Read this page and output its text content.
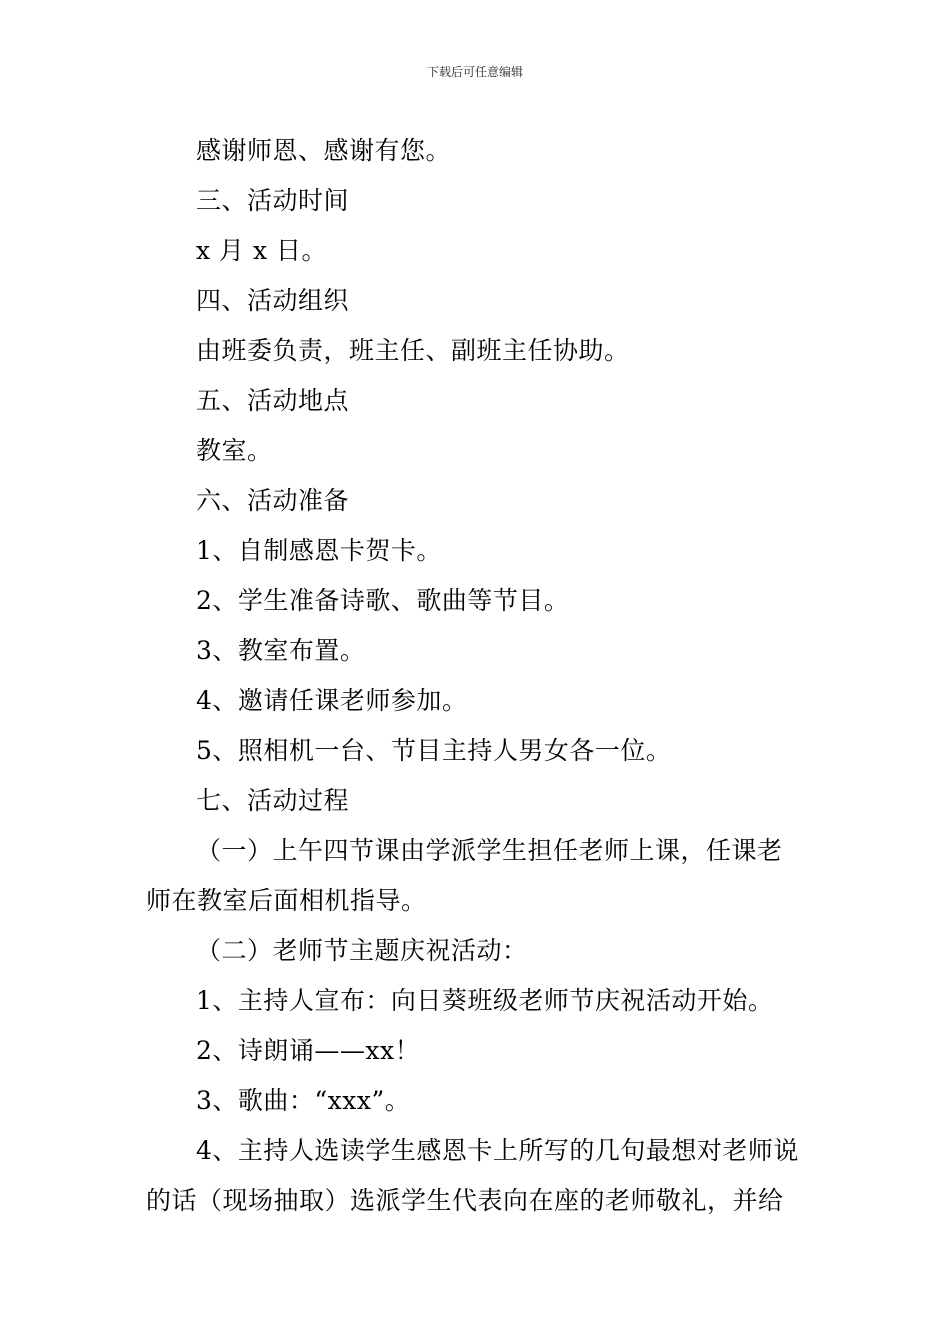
下载后可任意编辑
感谢师恩、感谢有您。
三、活动时间
x 月 x 日。
四、活动组织
由班委负责，班主任、副班主任协助。
五、活动地点
教室。
六、活动准备
1、自制感恩卡贺卡。
2、学生准备诗歌、歌曲等节目。
3、教室布置。
4、邀请任课老师参加。
5、照相机一台、节目主持人男女各一位。
七、活动过程
（一）上午四节课由学派学生担任老师上课，任课老
师在教室后面相机指导。
（二）老师节主题庆祝活动：
1、主持人宣布：向日葵班级老师节庆祝活动开始。
2、诗朗诵——xx！
3、歌曲：“xxx”。
4、主持人选读学生感恩卡上所写的几句最想对老师说
的话（现场抽取）选派学生代表向在座的老师敬礼，并给
